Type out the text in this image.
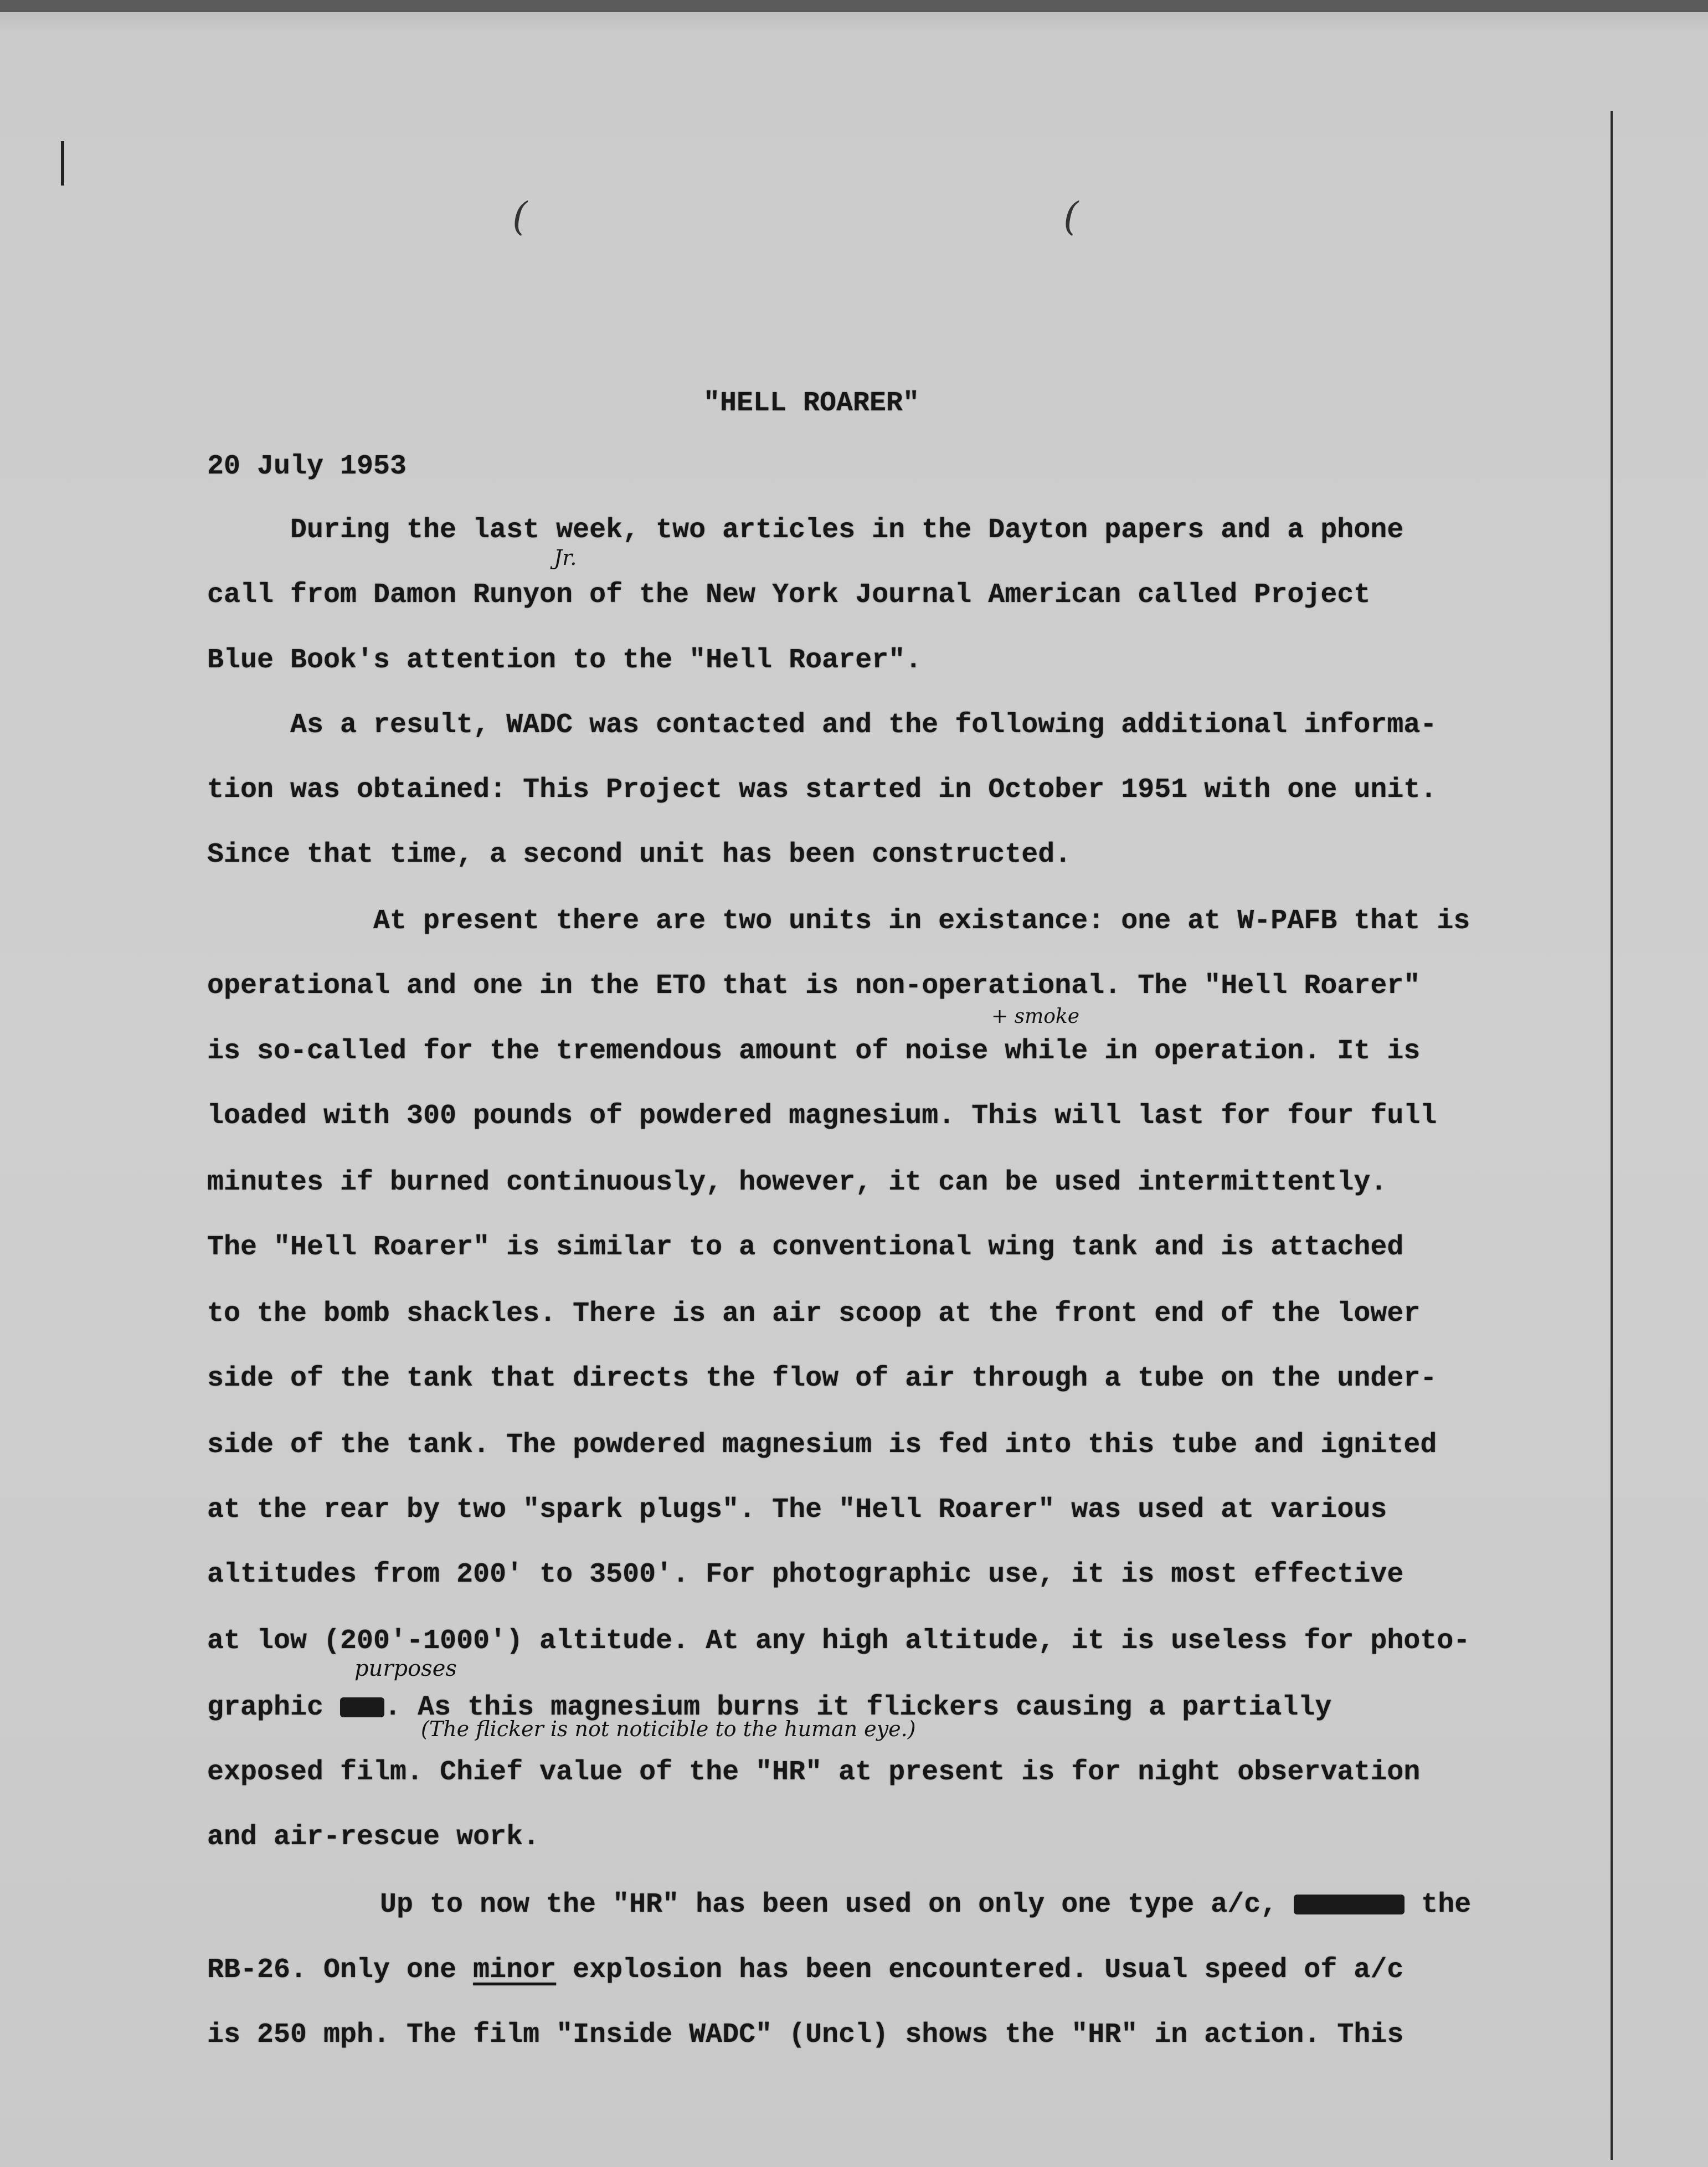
(	(
"HELL ROARER"
20 July 1953
During the last week, two articles in the Dayton papers and a phone
call from Damon Runyon of the New York Journal American called Project
Jr.
Blue Book's attention to the "Hell Roarer".
As a result, WADC was contacted and the following additional informa-
tion was obtained: This Project was started in October 1951 with one unit.
Since that time, a second unit has been constructed.
At present there are two units in existance: one at W-PAFB that is
operational and one in the ETO that is non-operational. The "Hell Roarer"
is so-called for the tremendous amount of noise while in operation. It is
+ smoke
loaded with 300 pounds of powdered magnesium. This will last for four full
minutes if burned continuously, however, it can be used intermittently.
The "Hell Roarer" is similar to a conventional wing tank and is attached
to the bomb shackles. There is an air scoop at the front end of the lower
side of the tank that directs the flow of air through a tube on the under-
side of the tank. The powdered magnesium is fed into this tube and ignited
at the rear by two "spark plugs". The "Hell Roarer" was used at various
altitudes from 200' to 3500'. For photographic use, it is most effective
at low (200'-1000') altitude. At any high altitude, it is useless for photo-
graphic . As this magnesium burns it flickers causing a partially
purposes
(The flicker is not noticible to the human eye.)
exposed film. Chief value of the "HR" at present is for night observation
and air-rescue work.
Up to now the "HR" has been used on only one type a/c,	the
RB-26. Only one minor explosion has been encountered. Usual speed of a/c
is 250 mph. The film "Inside WADC" (Uncl) shows the "HR" in action. This
